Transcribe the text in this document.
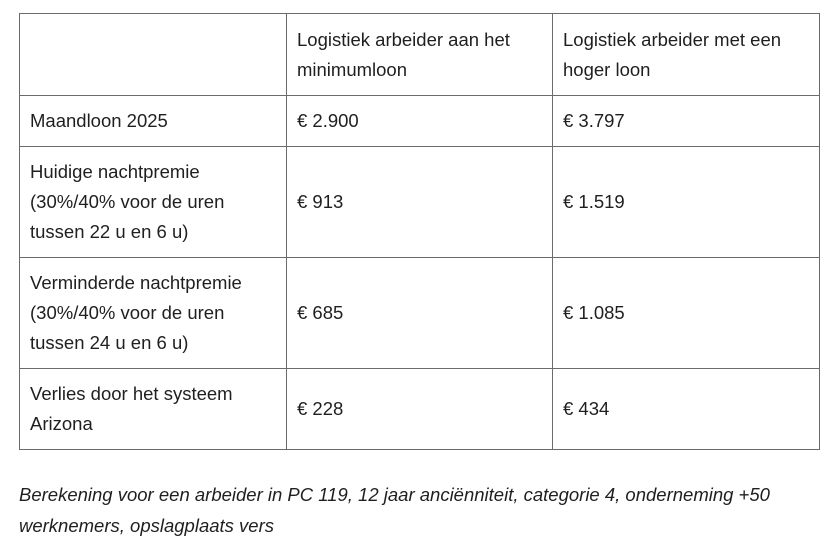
	Logistiek arbeider aan het minimumloon	Logistiek arbeider met een hoger loon
Maandloon 2025	€ 2.900	€ 3.797
Huidige nachtpremie (30%/40% voor de uren tussen 22 u en 6 u)	€ 913	€ 1.519
Verminderde nachtpremie (30%/40% voor de uren tussen 24 u en 6 u)	€ 685	€ 1.085
Verlies door het systeem Arizona	€ 228	€ 434

Berekening voor een arbeider in PC 119, 12 jaar anciënniteit, categorie 4, onderneming +50 werknemers, opslagplaats vers
